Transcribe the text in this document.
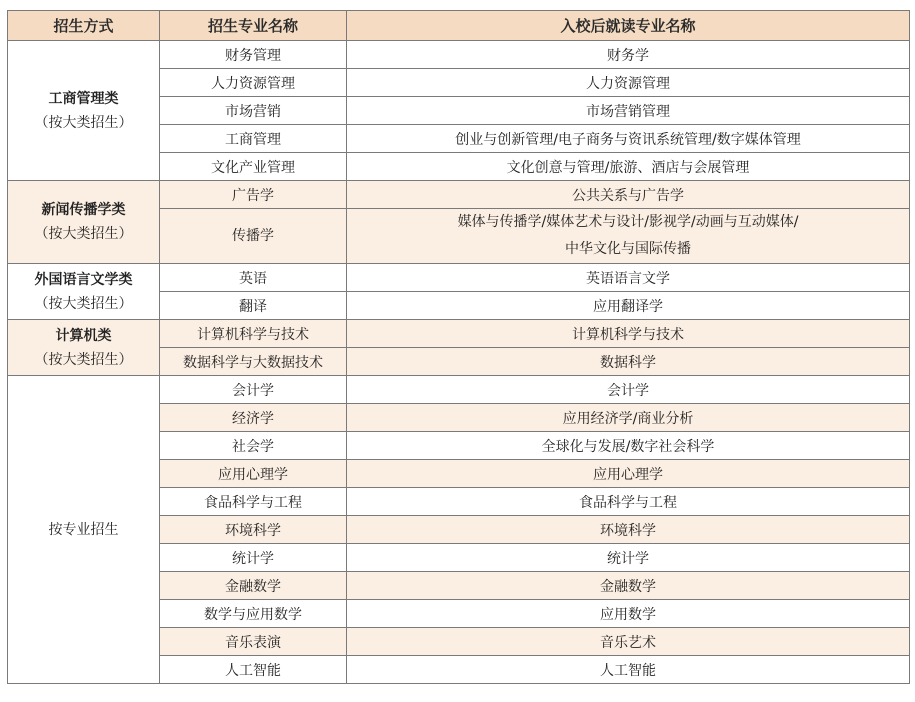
招生方式	招生专业名称	入校后就读专业名称

工商管理类
（按大类招生）	财务管理	财务学
	人力资源管理	人力资源管理
	市场营销	市场营销管理
	工商管理	创业与创新管理/电子商务与资讯系统管理/数字媒体管理
	文化产业管理	文化创意与管理/旅游、酒店与会展管理

新闻传播学类
（按大类招生）	广告学	公共关系与广告学
	传播学	媒体与传播学/媒体艺术与设计/影视学/动画与互动媒体/
中华文化与国际传播

外国语言文学类
（按大类招生）	英语	英语语言文学
	翻译	应用翻译学

计算机类
（按大类招生）	计算机科学与技术	计算机科学与技术
	数据科学与大数据技术	数据科学

按专业招生	会计学	会计学
	经济学	应用经济学/商业分析
	社会学	全球化与发展/数字社会科学
	应用心理学	应用心理学
	食品科学与工程	食品科学与工程
	环境科学	环境科学
	统计学	统计学
	金融数学	金融数学
	数学与应用数学	应用数学
	音乐表演	音乐艺术
	人工智能	人工智能
